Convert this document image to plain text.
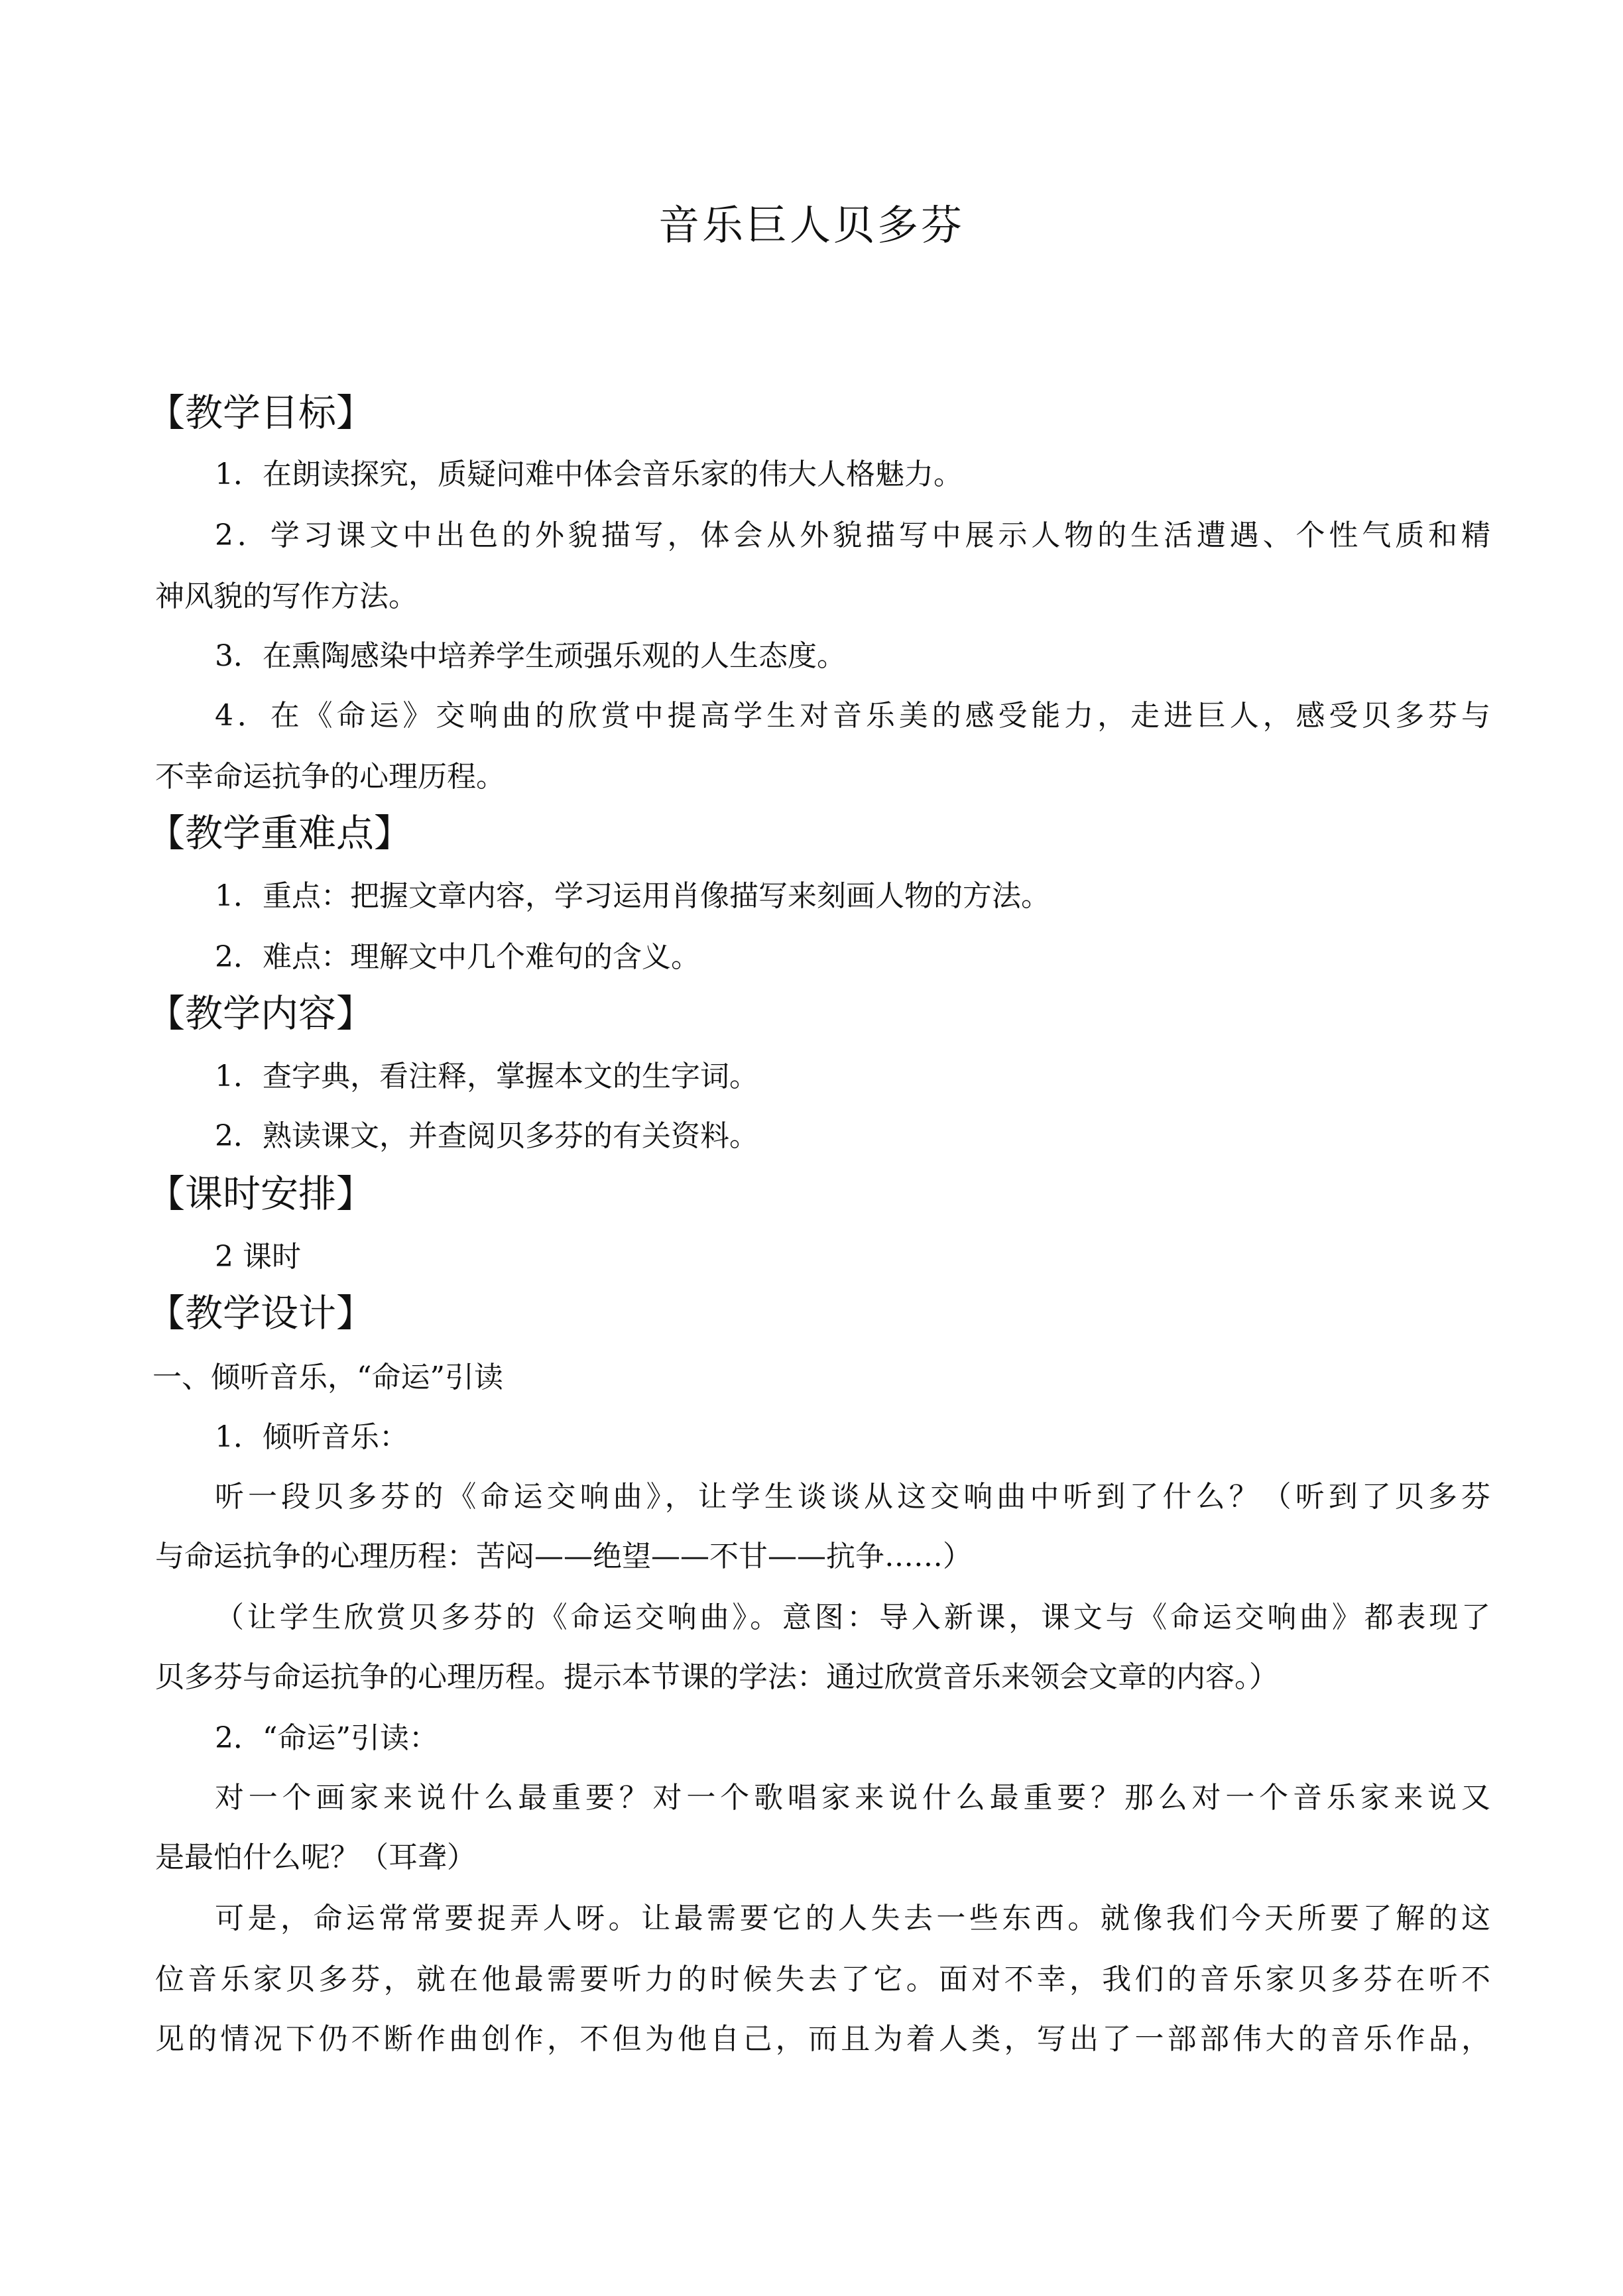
音乐巨人贝多芬
【教学目标】
1．在朗读探究，质疑问难中体会音乐家的伟大人格魅力。
2．学习课文中出色的外貌描写，体会从外貌描写中展示人物的生活遭遇、个性气质和精
神风貌的写作方法。
3．在熏陶感染中培养学生顽强乐观的人生态度。
4．在《命运》交响曲的欣赏中提高学生对音乐美的感受能力，走进巨人，感受贝多芬与
不幸命运抗争的心理历程。
【教学重难点】
1．重点：把握文章内容，学习运用肖像描写来刻画人物的方法。
2．难点：理解文中几个难句的含义。
【教学内容】
1．查字典，看注释，掌握本文的生字词。
2．熟读课文，并查阅贝多芬的有关资料。
【课时安排】
2 课时
【教学设计】
一、倾听音乐，“命运”引读
1．倾听音乐：
听一段贝多芬的《命运交响曲》，让学生谈谈从这交响曲中听到了什么？（听到了贝多芬
与命运抗争的心理历程：苦闷——绝望——不甘——抗争……）
（让学生欣赏贝多芬的《命运交响曲》。意图：导入新课，课文与《命运交响曲》都表现了
贝多芬与命运抗争的心理历程。提示本节课的学法：通过欣赏音乐来领会文章的内容。）
2．“命运”引读：
对一个画家来说什么最重要？对一个歌唱家来说什么最重要？那么对一个音乐家来说又
是最怕什么呢？（耳聋）
可是，命运常常要捉弄人呀。让最需要它的人失去一些东西。就像我们今天所要了解的这
位音乐家贝多芬，就在他最需要听力的时候失去了它。面对不幸，我们的音乐家贝多芬在听不
见的情况下仍不断作曲创作，不但为他自己，而且为着人类，写出了一部部伟大的音乐作品，
